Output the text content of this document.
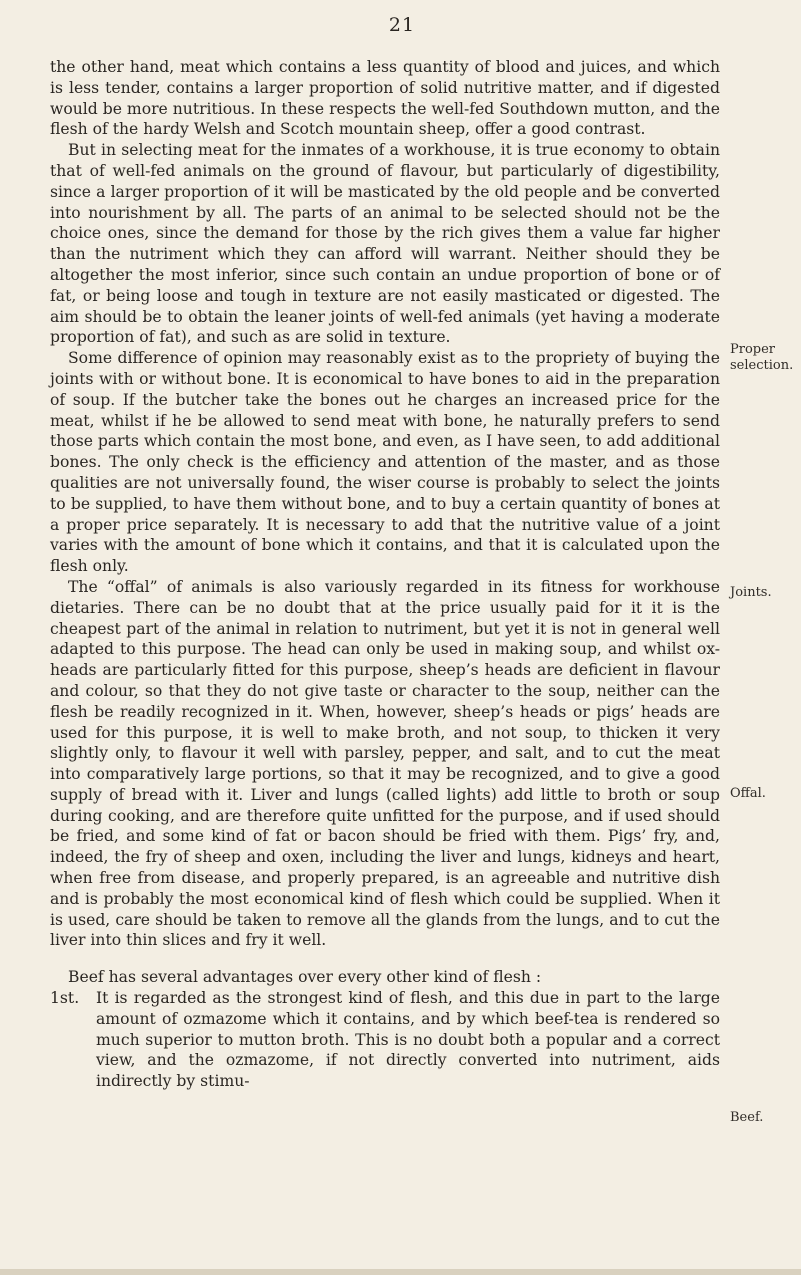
21

the other hand, meat which contains a less quantity of blood and juices, and which is less tender, contains a larger proportion of solid nutritive matter, and if digested would be more nutritious. In these respects the well-fed Southdown mutton, and the flesh of the hardy Welsh and Scotch mountain sheep, offer a good contrast.

But in selecting meat for the inmates of a workhouse, it is true economy to obtain that of well-fed animals on the ground of flavour, but particularly of digestibility, since a larger proportion of it will be masticated by the old people and be converted into nourishment by all. The parts of an animal to be selected should not be the choice ones, since the demand for those by the rich gives them a value far higher than the nutriment which they can afford will warrant. Neither should they be altogether the most inferior, since such contain an undue proportion of bone or of fat, or being loose and tough in texture are not easily masticated or digested. The aim should be to obtain the leaner joints of well-fed animals (yet having a moderate proportion of fat), and such as are solid in texture.

Some difference of opinion may reasonably exist as to the propriety of buying the joints with or without bone. It is economical to have bones to aid in the preparation of soup. If the butcher take the bones out he charges an increased price for the meat, whilst if he be allowed to send meat with bone, he naturally prefers to send those parts which contain the most bone, and even, as I have seen, to add additional bones. The only check is the efficiency and attention of the master, and as those qualities are not universally found, the wiser course is probably to select the joints to be supplied, to have them without bone, and to buy a certain quantity of bones at a proper price separately. It is necessary to add that the nutritive value of a joint varies with the amount of bone which it contains, and that it is calculated upon the flesh only.

The “offal” of animals is also variously regarded in its fitness for workhouse dietaries. There can be no doubt that at the price usually paid for it it is the cheapest part of the animal in relation to nutriment, but yet it is not in general well adapted to this purpose. The head can only be used in making soup, and whilst ox-heads are particularly fitted for this purpose, sheep’s heads are deficient in flavour and colour, so that they do not give taste or character to the soup, neither can the flesh be readily recognized in it. When, however, sheep’s heads or pigs’ heads are used for this purpose, it is well to make broth, and not soup, to thicken it very slightly only, to flavour it well with parsley, pepper, and salt, and to cut the meat into comparatively large portions, so that it may be recognized, and to give a good supply of bread with it. Liver and lungs (called lights) add little to broth or soup during cooking, and are therefore quite unfitted for the purpose, and if used should be fried, and some kind of fat or bacon should be fried with them. Pigs’ fry, and, indeed, the fry of sheep and oxen, including the liver and lungs, kidneys and heart, when free from disease, and properly prepared, is an agreeable and nutritive dish and is probably the most economical kind of flesh which could be supplied. When it is used, care should be taken to remove all the glands from the lungs, and to cut the liver into thin slices and fry it well.

Beef has several advantages over every other kind of flesh :

1st. It is regarded as the strongest kind of flesh, and this due in part to the large amount of ozmazome which it contains, and by which beef-tea is rendered so much superior to mutton broth. This is no doubt both a popular and a correct view, and the ozmazome, if not directly converted into nutriment, aids indirectly by stimu-

Proper selection.
Joints.
Offal.
Beef.
